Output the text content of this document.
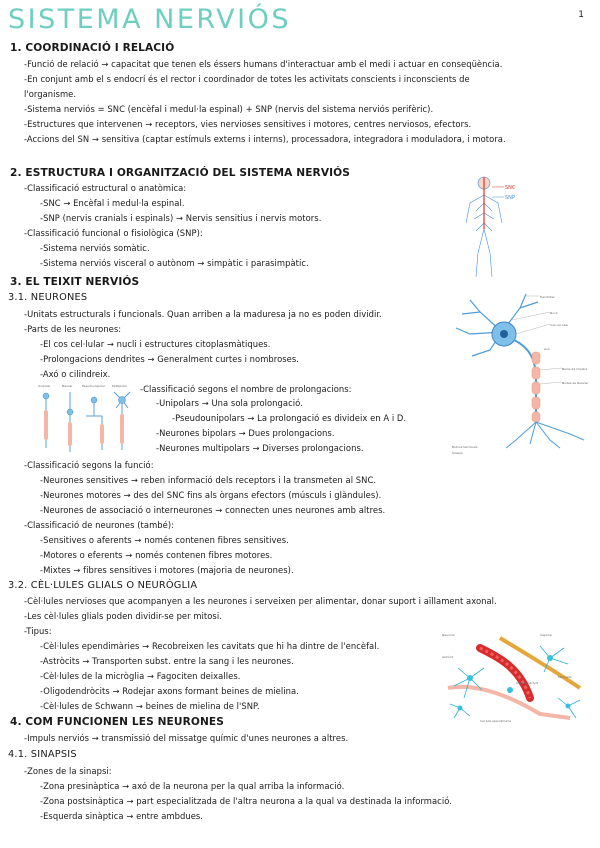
SISTEMA NERVIÓS	1
1. COORDINACIÓ I RELACIÓ
-Funció de relació → capacitat que tenen els éssers humans d'interactuar amb el medi i actuar en conseqüència.
-En conjunt amb el s endocrí és el rector i coordinador de totes les activitats conscients i inconscients de
l'organisme.
-Sistema nerviós = SNC (encèfal i medul·la espinal) + SNP (nervis del sistema nerviós perifèric).
-Estructures que intervenen → receptors, vies nervioses sensitives i motores, centres nerviosos, efectors.
-Accions del SN → sensitiva (captar estímuls externs i interns), processadora, integradora i moduladora, i motora.
2. ESTRUCTURA I ORGANITZACIÓ DEL SISTEMA NERVIÓS
-Classificació estructural o anatòmica:
-SNC → Encèfal i medul·la espinal.
-SNP (nervis cranials i espinals) → Nervis sensitius i nervis motors.
-Classificació funcional o fisiològica (SNP):
-Sistema nerviós somàtic.
-Sistema nerviós visceral o autònom → simpàtic i parasimpàtic.
3. EL TEIXIT NERVIÓS
3.1. NEURONES
-Unitats estructurals i funcionals. Quan arriben a la maduresa ja no es poden dividir.
-Parts de les neurones:
-El cos cel·lular → nucli i estructures citoplasmàtiques.
-Prolongacions dendrites → Generalment curtes i nombroses.
-Axó o cilindreix.
-Classificació segons el nombre de prolongacions:
-Unipolars → Una sola prolongació.
-Pseudounipolars → La prolongació es divideix en A i D.
-Neurones bipolars → Dues prolongacions.
-Neurones multipolars → Diverses prolongacions.
-Classificació segons la funció:
-Neurones sensitives → reben informació dels receptors i la transmeten al SNC.
-Neurones motores → des del SNC fins als òrgans efectors (músculs i glàndules).
-Neurones de associació o interneurones → connecten unes neurones amb altres.
-Classificació de neurones (també):
-Sensitives o aferents → només contenen fibres sensitives.
-Motores o eferents → només contenen fibres motores.
-Mixtes → fibres sensitives i motores (majoria de neurones).
3.2. CÈL·LULES GLIALS O NEURÒGLIA
-Cèl·lules nervioses que acompanyen a les neurones i serveixen per alimentar, donar suport i aïllament axonal.
-Les cèl·lules glials poden dividir-se per mitosi.
-Tipus:
-Cèl·lules ependimàries → Recobreixen les cavitats que hi ha dintre de l'encèfal.
-Astròcits → Transporten subst. entre la sang i les neurones.
-Cèl·lules de la micròglia → Fagociten deixalles.
-Oligodendròcits → Rodejar axons formant beines de mielina.
-Cèl·lules de Schwann → beines de mielina de l'SNP.
4. COM FUNCIONEN LES NEURONES
-Impuls nerviós → transmissió del missatge químic d'unes neurones a altres.
4.1. SINAPSIS
-Zones de la sinapsi:
-Zona presinàptica → axó de la neurona per la qual arriba la informació.
-Zona postsinàptica → part especialitzada de l'altra neurona a la qual va destinada la informació.
-Esquerda sinàptica → entre ambdues.
SNC
SNP
Dendrites
Nucli
Cos cel·lular
Beina de mielina
Nodes de Ranvier
Axó
Botons terminals
Sinapsi
Unipolar	Bipolar	Pseudounipolar Multipolar
Neurona
Astròcit
Capil·lar
Microglia
Oligodendròcit
Cèl·lula ependimària
